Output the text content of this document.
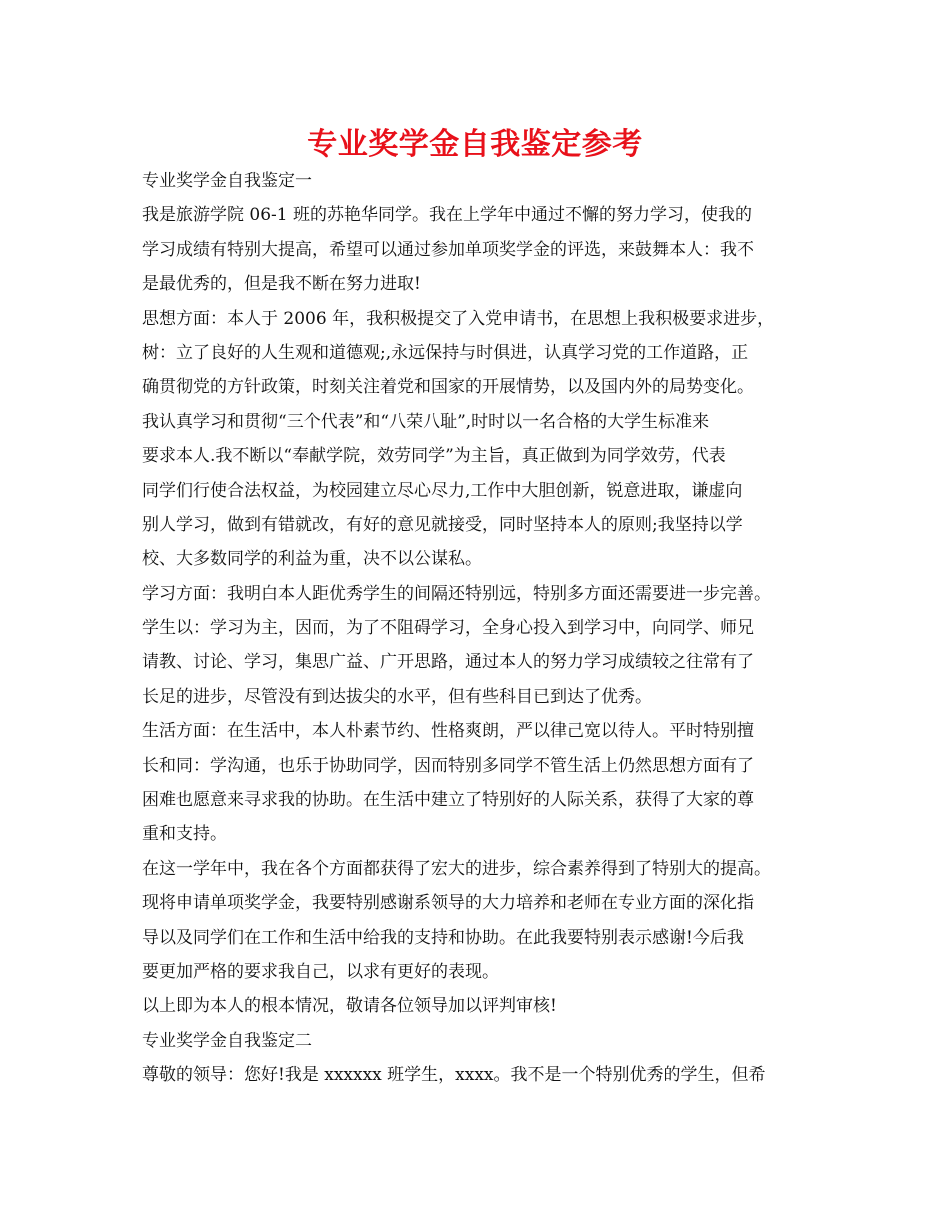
专业奖学金自我鉴定参考
专业奖学金自我鉴定一
我是旅游学院 06-1 班的苏艳华同学。我在上学年中通过不懈的努力学习，使我的
学习成绩有特别大提高，希望可以通过参加单项奖学金的评选，来鼓舞本人：我不
是最优秀的，但是我不断在努力进取!
思想方面：本人于 2006 年，我积极提交了入党申请书，在思想上我积极要求进步，
树：立了良好的人生观和道德观;,永远保持与时俱进，认真学习党的工作道路，正
确贯彻党的方针政策，时刻关注着党和国家的开展情势，以及国内外的局势变化。
我认真学习和贯彻“三个代表”和“八荣八耻”,时时以一名合格的大学生标准来
要求本人.我不断以“奉献学院，效劳同学”为主旨，真正做到为同学效劳，代表
同学们行使合法权益，为校园建立尽心尽力,工作中大胆创新，锐意进取，谦虚向
别人学习，做到有错就改，有好的意见就接受，同时坚持本人的原则;我坚持以学
校、大多数同学的利益为重，决不以公谋私。
学习方面：我明白本人距优秀学生的间隔还特别远，特别多方面还需要进一步完善。
学生以：学习为主，因而，为了不阻碍学习，全身心投入到学习中，向同学、师兄
请教、讨论、学习，集思广益、广开思路，通过本人的努力学习成绩较之往常有了
长足的进步，尽管没有到达拔尖的水平，但有些科目已到达了优秀。
生活方面：在生活中，本人朴素节约、性格爽朗，严以律己宽以待人。平时特别擅
长和同：学沟通，也乐于协助同学，因而特别多同学不管生活上仍然思想方面有了
困难也愿意来寻求我的协助。在生活中建立了特别好的人际关系，获得了大家的尊
重和支持。
在这一学年中，我在各个方面都获得了宏大的进步，综合素养得到了特别大的提高。
现将申请单项奖学金，我要特别感谢系领导的大力培养和老师在专业方面的深化指
导以及同学们在工作和生活中给我的支持和协助。在此我要特别表示感谢!今后我
要更加严格的要求我自己，以求有更好的表现。
以上即为本人的根本情况，敬请各位领导加以评判审核!
专业奖学金自我鉴定二
尊敬的领导：您好!我是 xxxxxx 班学生，xxxx。我不是一个特别优秀的学生，但希
